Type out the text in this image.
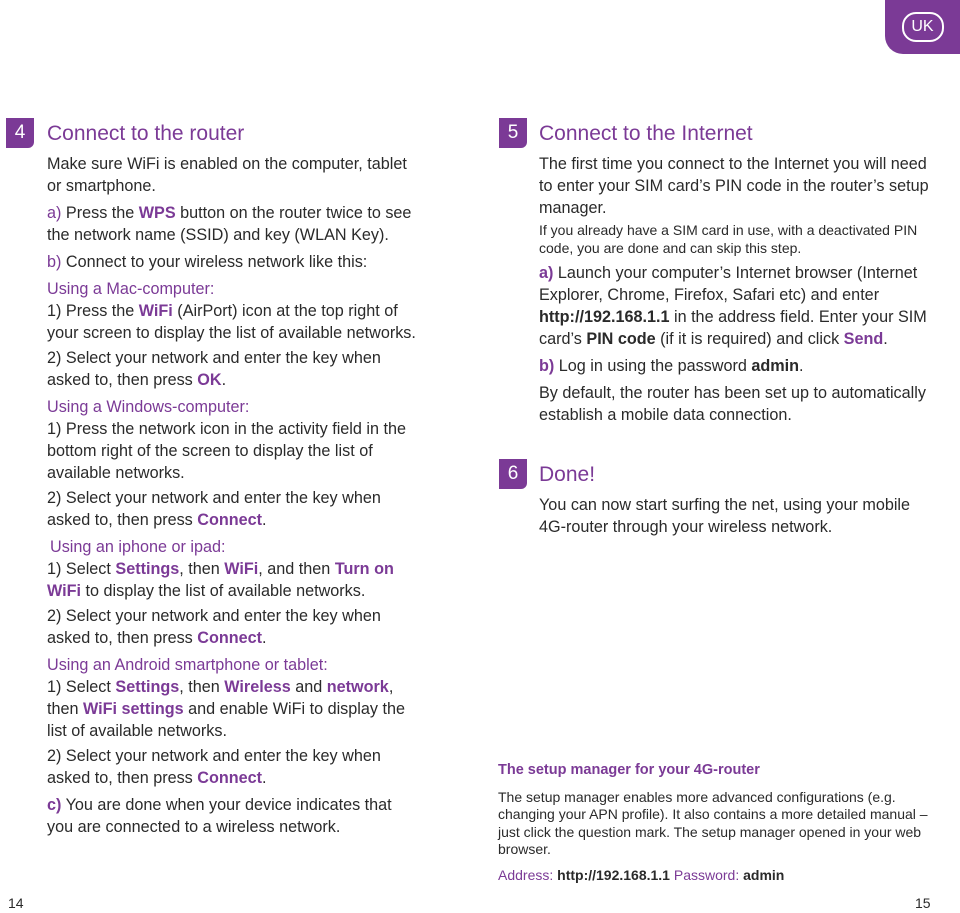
UK
4	Connect to the router

Make sure WiFi is enabled on the computer, tablet or smartphone.

a) Press the WPS button on the router twice to see the network name (SSID) and key (WLAN Key).

b) Connect to your wireless network like this:

Using a Mac-computer:

1) Press the WiFi (AirPort) icon at the top right of your screen to display the list of available networks.

2) Select your network and enter the key when asked to, then press OK.

Using a Windows-computer:

1) Press the network icon in the activity field in the bottom right of the screen to display the list of available networks.

2) Select your network and enter the key when asked to, then press Connect.

Using an iphone or ipad:

1) Select Settings, then WiFi, and then Turn on WiFi to display the list of available networks.

2) Select your network and enter the key when asked to, then press Connect.

Using an Android smartphone or tablet:

1) Select Settings, then Wireless and network, then WiFi settings and enable WiFi to display the list of available networks.

2) Select your network and enter the key when asked to, then press Connect.

c) You are done when your device indicates that you are connected to a wireless network.

14
5 Connect to the Internet

The first time you connect to the Internet you will need to enter your SIM card’s PIN code in the router’s setup manager.

If you already have a SIM card in use, with a deactivated PIN code, you are done and can skip this step.

a) Launch your computer’s Internet browser (Internet Explorer, Chrome, Firefox, Safari etc) and enter http://192.168.1.1 in the address field. Enter your SIM card’s PIN code (if it is required) and click Send.

b) Log in using the password admin.

By default, the router has been set up to automatically establish a mobile data connection.

6 Done!

You can now start surfing the net, using your mobile 4G-router through your wireless network.

The setup manager for your 4G-router

The setup manager enables more advanced configurations (e.g. changing your APN profile). It also contains a more detailed manual – just click the question mark. The setup manager opened in your web browser.

Address: http://192.168.1.1 Password: admin

15
